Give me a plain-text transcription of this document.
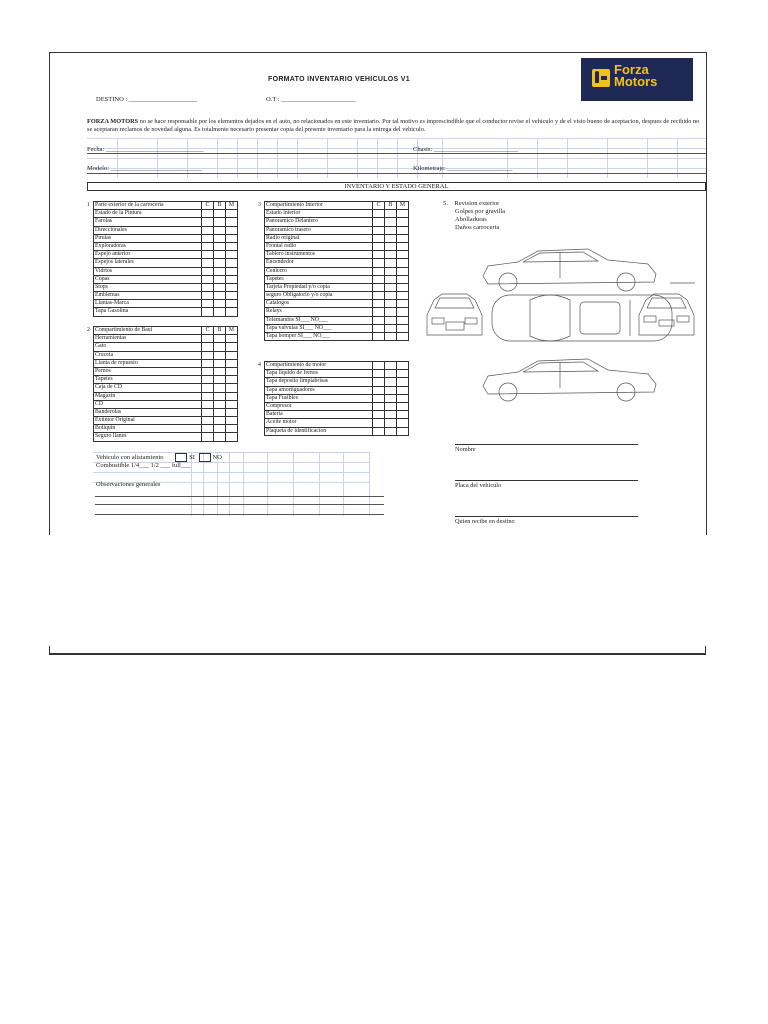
FORMATO INVENTARIO VEHICULOS V1
Forza
Motors
DESTINO : _____________________	O.T : _______________________
FORZA MOTORS no se hace responsable por los elementos dejados en el auto, no relacionados en este inventario. Por tal motivo es imprescindible que el conductor revise el vehiculo y de el visto bueno de aceptacion, despues de recibido no se aceptaran reclamos de novedad alguna. Es totalmente necesario presentar copia del presente inventario para la entrega del vehiculo.
Fecha: ______________________________	Chasis: __________________________
Modelo: ____________________________	Kilometraje: ____________________
INVENTARIO Y ESTADO GENERAL
1	Parte exterior de la carroceria	C	B	M
	Estado de la Pintura			
	Farolas			
	Direccionales			
	Pirulas			
	Exploradoras			
	Espejo anterior			
	Espejos laterales			
	Vidrios			
	Copas			
	Stops			
	Emblemas			
	Llantas-Marca			
	Tapa Gasolina			
2	Compartimiento de Baul	C	B	M
	Herramientas			
	Gato			
	Cruceta			
	Llanta de repuesto			
	Pernos			
	Tapetes			
	Caja de CD			
	Magazin			
	CD			
	Banderolas			
	Extintor Original			
	Botiquin			
	Seguro llanes			
3	Compartimiento Interior	C	B	M
	Estado interior			
	Panoramico Delantero			
	Panoramico trasero			
	Radio original			
	Frontal radio			
	Tablero instrumentos			
	Encendedor			
	Cenicero			
	Tapetes			
	Tarjeta Propiedad y/o copia			
	seguro Obligatorio y/o copia			
	Catalogos			
	Relays			
	Telemandos SI___ NO___			
	Tapa valvulas SI___ NO___			
	Tapa bomper SI___ NO___			
4	Compartimiento de motor			
	Tapa liquido de frenos			
	Tapa deposito limpiabrisas			
	Tapa amortiguadores			
	Tapa Fusibles			
	Compresor			
	Bateria			
	Aceite motor			
	Plaqueta de identificacion			
5. Revision exterior
Golpes por gravilla
Abolladuras
Daños carroceria
Nombre
Placa del vehiculo
Quien recibe en destino
Vehiculo con alistamiento	SI	NO
Combustible 1/4___ 1/2 ___ full___
Observaciones generales
